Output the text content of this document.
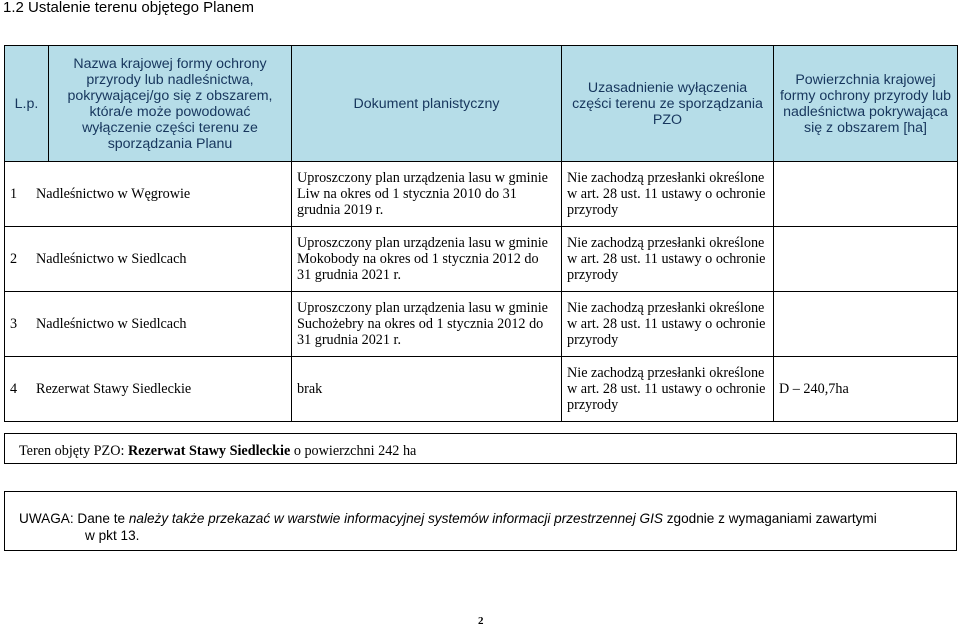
1.2 Ustalenie terenu objętego Planem
L.p.	Nazwa krajowej formy ochrony przyrody lub nadleśnictwa, pokrywającej/go się z obszarem, która/e może powodować wyłączenie części terenu ze sporządzania Planu	Dokument planistyczny	Uzasadnienie wyłączenia części terenu ze sporządzania PZO	Powierzchnia krajowej formy ochrony przyrody lub nadleśnictwa pokrywająca się z obszarem [ha]
1 Nadleśnictwo w Węgrowie		Uproszczony plan urządzenia lasu w gminie Liw na okres od 1 stycznia 2010 do 31 grudnia 2019 r.	Nie zachodzą przesłanki określone w art. 28 ust. 11 ustawy o ochronie przyrody	
2 Nadleśnictwo w Siedlcach		Uproszczony plan urządzenia lasu w gminie Mokobody na okres od 1 stycznia 2012 do 31 grudnia 2021 r.	Nie zachodzą przesłanki określone w art. 28 ust. 11 ustawy o ochronie przyrody	
3 Nadleśnictwo w Siedlcach		Uproszczony plan urządzenia lasu w gminie Suchożebry na okres od 1 stycznia 2012 do 31 grudnia 2021 r.	Nie zachodzą przesłanki określone w art. 28 ust. 11 ustawy o ochronie przyrody	
4 Rezerwat Stawy Siedleckie		brak	Nie zachodzą przesłanki określone w art. 28 ust. 11 ustawy o ochronie przyrody	D – 240,7ha
Teren objęty PZO: Rezerwat Stawy Siedleckie o powierzchni 242 ha
UWAGA: Dane te należy także przekazać w warstwie informacyjnej systemów informacji przestrzennej GIS zgodnie z wymaganiami zawartymi
w pkt 13.
2
